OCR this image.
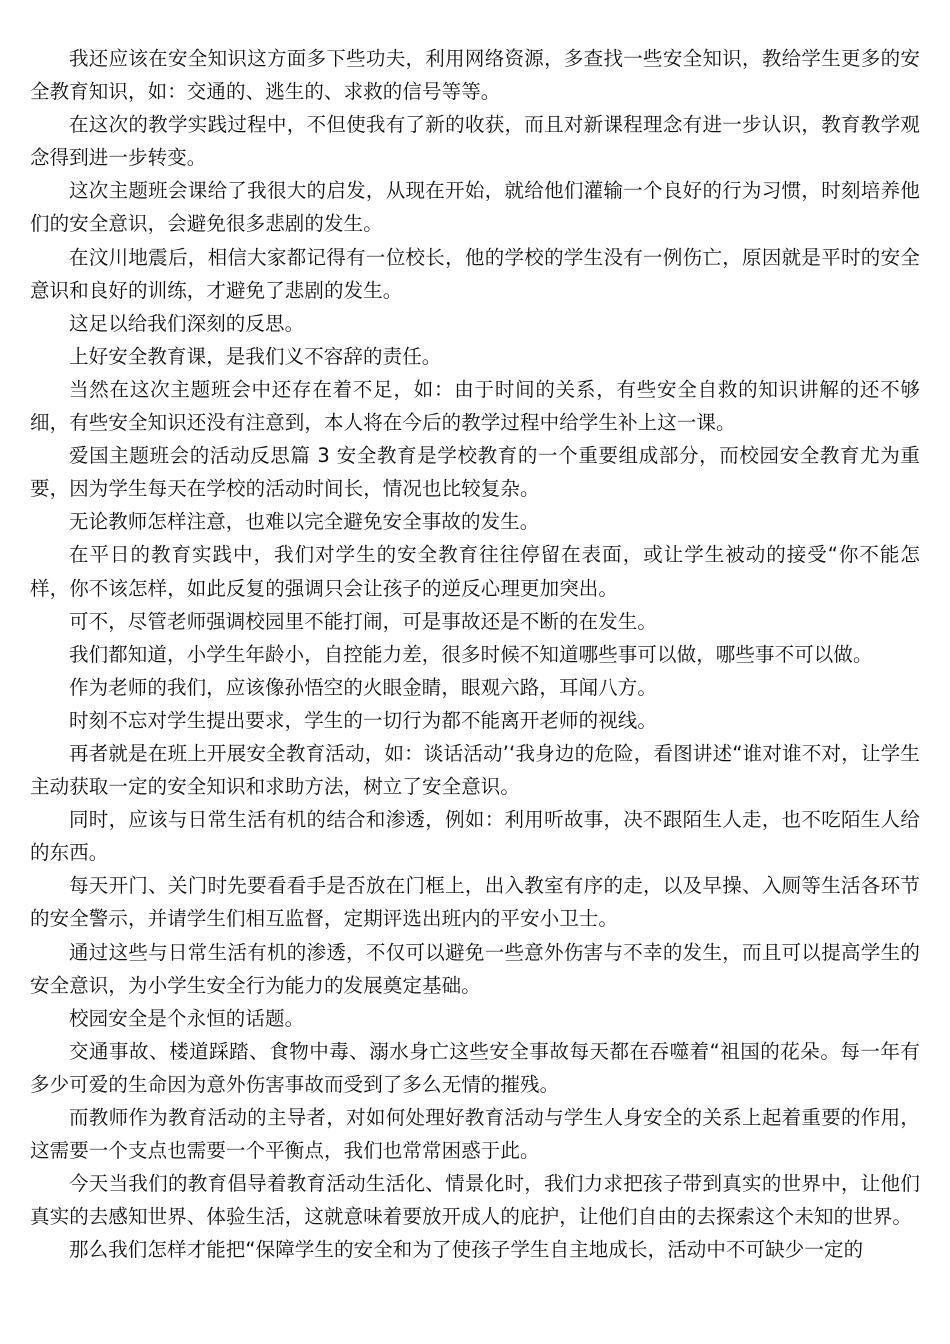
我还应该在安全知识这方面多下些功夫，利用网络资源，多查找一些安全知识，教给学生更多的安全教育知识，如：交通的、逃生的、求救的信号等等。

在这次的教学实践过程中，不但使我有了新的收获，而且对新课程理念有进一步认识，教育教学观念得到进一步转变。

这次主题班会课给了我很大的启发，从现在开始，就给他们灌输一个良好的行为习惯，时刻培养他们的安全意识，会避免很多悲剧的发生。

在汶川地震后，相信大家都记得有一位校长，他的学校的学生没有一例伤亡，原因就是平时的安全意识和良好的训练，才避免了悲剧的发生。

这足以给我们深刻的反思。

上好安全教育课，是我们义不容辞的责任。

当然在这次主题班会中还存在着不足，如：由于时间的关系，有些安全自救的知识讲解的还不够细，有些安全知识还没有注意到，本人将在今后的教学过程中给学生补上这一课。

爱国主题班会的活动反思篇 3 安全教育是学校教育的一个重要组成部分，而校园安全教育尤为重要，因为学生每天在学校的活动时间长，情况也比较复杂。

无论教师怎样注意，也难以完全避免安全事故的发生。

在平日的教育实践中，我们对学生的安全教育往往停留在表面，或让学生被动的接受“你不能怎样，你不该怎样，如此反复的强调只会让孩子的逆反心理更加突出。

可不，尽管老师强调校园里不能打闹，可是事故还是不断的在发生。

我们都知道，小学生年龄小，自控能力差，很多时候不知道哪些事可以做，哪些事不可以做。

作为老师的我们，应该像孙悟空的火眼金睛，眼观六路，耳闻八方。

时刻不忘对学生提出要求，学生的一切行为都不能离开老师的视线。

再者就是在班上开展安全教育活动，如：谈话活动’‘我身边的危险，看图讲述“谁对谁不对，让学生主动获取一定的安全知识和求助方法，树立了安全意识。

同时，应该与日常生活有机的结合和渗透，例如：利用听故事，决不跟陌生人走，也不吃陌生人给的东西。

每天开门、关门时先要看看手是否放在门框上，出入教室有序的走，以及早操、入厕等生活各环节的安全警示，并请学生们相互监督，定期评选出班内的平安小卫士。

通过这些与日常生活有机的渗透，不仅可以避免一些意外伤害与不幸的发生，而且可以提高学生的安全意识，为小学生安全行为能力的发展奠定基础。

校园安全是个永恒的话题。

交通事故、楼道踩踏、食物中毒、溺水身亡这些安全事故每天都在吞噬着“祖国的花朵。每一年有多少可爱的生命因为意外伤害事故而受到了多么无情的摧残。

而教师作为教育活动的主导者，对如何处理好教育活动与学生人身安全的关系上起着重要的作用，这需要一个支点也需要一个平衡点，我们也常常困惑于此。

今天当我们的教育倡导着教育活动生活化、情景化时，我们力求把孩子带到真实的世界中，让他们真实的去感知世界、体验生活，这就意味着要放开成人的庇护，让他们自由的去探索这个未知的世界。

那么我们怎样才能把“保障学生的安全和为了使孩子学生自主地成长，活动中不可缺少一定的
